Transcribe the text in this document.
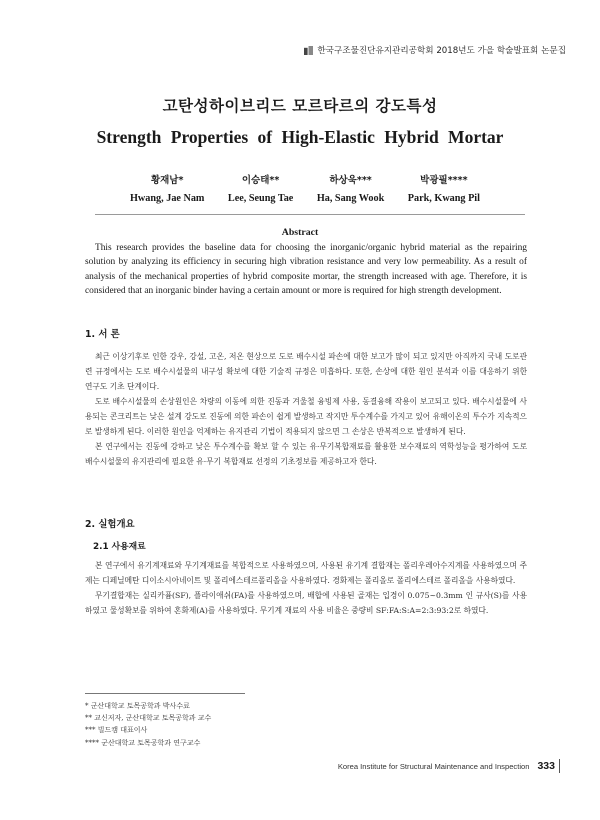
한국구조물진단유지관리공학회 2018년도 가을 학술발표회 논문집
고탄성하이브리드 모르타르의 강도특성
Strength Properties of High-Elastic Hybrid Mortar
황재남*
Hwang, Jae Nam
이승태**
Lee, Seung Tae
하상욱***
Ha, Sang Wook
박광필****
Park, Kwang Pil
Abstract
This research provides the baseline data for choosing the inorganic/organic hybrid material as the repairing solution by analyzing its efficiency in securing high vibration resistance and very low permeability. As a result of analysis of the mechanical properties of hybrid composite mortar, the strength increased with age. Therefore, it is considered that an inorganic binder having a certain amount or more is required for high strength development.
1. 서 론

최근 이상기후로 인한 강우, 강설, 고온, 저온 현상으로 도로 배수시설 파손에 대한 보고가 많이 되고 있지만 아직까지 국내 도로관련 규정에서는 도로 배수시설물의 내구성 확보에 대한 기술적 규정은 미흡하다. 또한, 손상에 대한 원인 분석과 이를 대응하기 위한 연구도 기초 단계이다.

도로 배수시설물의 손상원인은 차량의 이동에 의한 진동과 겨울철 융빙제 사용, 동결융해 작용이 보고되고 있다. 배수시설물에 사용되는 콘크리트는 낮은 설계 강도로 진동에 의한 파손이 쉽게 발생하고 작지만 투수계수를 가지고 있어 유해이온의 투수가 지속적으로 발생하게 된다. 이러한 원인을 억제하는 유지관리 기법이 적용되지 않으면 그 손상은 반복적으로 발생하게 된다.

본 연구에서는 진동에 강하고 낮은 투수계수를 확보 할 수 있는 유·무기복합재료를 활용한 보수재료의 역학성능을 평가하여 도로 배수시설물의 유지관리에 필요한 유·무기 복합재료 선정의 기초정보를 제공하고자 한다.

2. 실험개요
2.1 사용재료

본 연구에서 유기계재료와 무기계재료를 복합적으로 사용하였으며, 사용된 유기계 결합재는 폴리우레아수지계를 사용하였으며 주제는 디페닐메탄 디이소시아네이트 및 폴리에스테르폴리올을 사용하였다. 경화제는 폴리올로 폴리에스테르 폴리올을 사용하였다.

무기결합재는 실리카퓸(SF), 플라이애쉬(FA)를 사용하였으며, 배합에 사용된 골재는 입경이 0.075~0.3mm 인 규사(S)를 사용하였고 물성확보를 위하여 혼화제(A)를 사용하였다. 무기계 재료의 사용 비율은 중량비 SF:FA:S:A=2:3:93:2로 하였다.

* 군산대학교 토목공학과 박사수료
** 교신저자, 군산대학교 토목공학과 교수
*** 빌드캠 대표이사
**** 군산대학교 토목공학과 연구교수
Korea Institute for Structural Maintenance and Inspection 333
